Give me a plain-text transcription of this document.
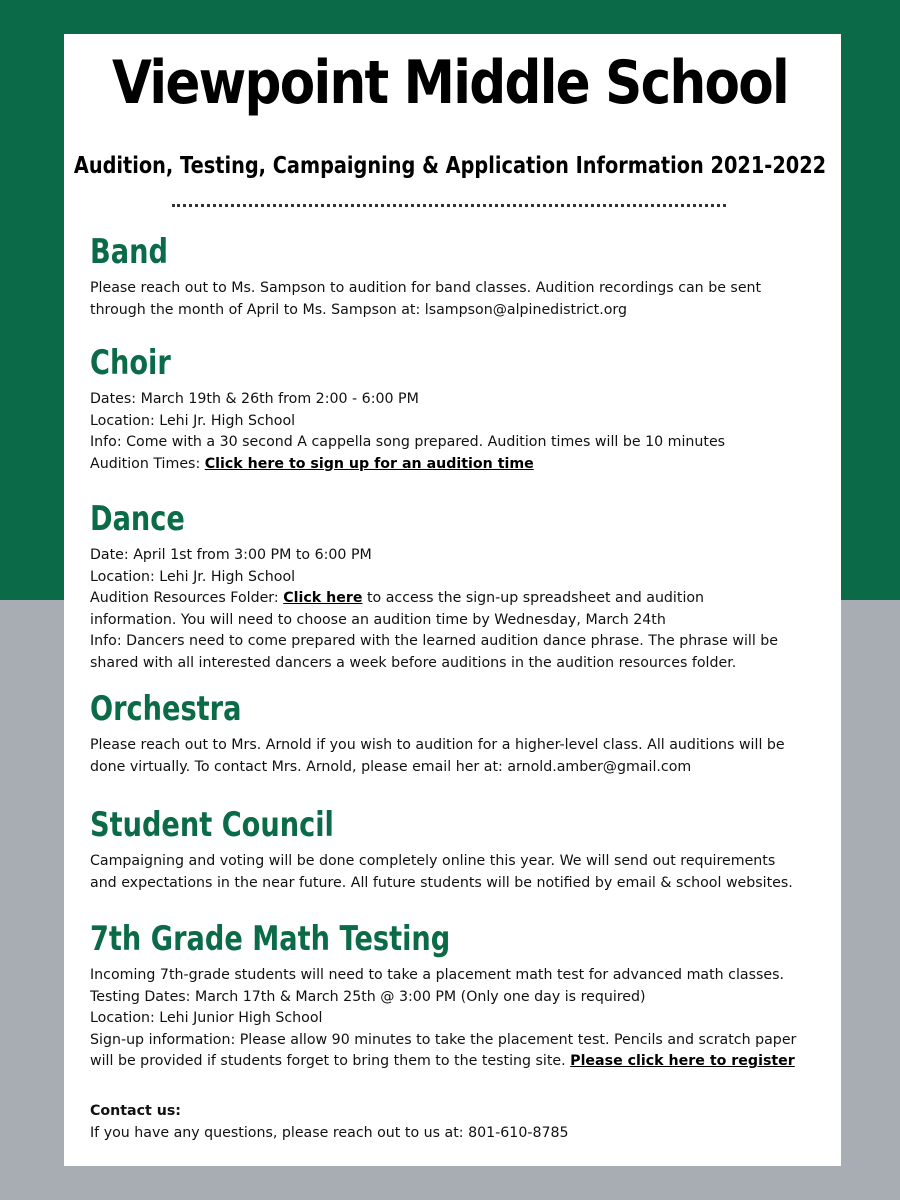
Viewpoint Middle School
Audition, Testing, Campaigning & Application Information 2021-2022
Band
Please reach out to Ms. Sampson to audition for band classes. Audition recordings can be sent
through the month of April to Ms. Sampson at: lsampson@alpinedistrict.org
Choir
Dates: March 19th & 26th from 2:00 - 6:00 PM
Location: Lehi Jr. High School
Info: Come with a 30 second A cappella song prepared. Audition times will be 10 minutes
Audition Times: Click here to sign up for an audition time
Dance
Date: April 1st from 3:00 PM to 6:00 PM
Location: Lehi Jr. High School
Audition Resources Folder: Click here to access the sign-up spreadsheet and audition
information. You will need to choose an audition time by Wednesday, March 24th
Info: Dancers need to come prepared with the learned audition dance phrase. The phrase will be
shared with all interested dancers a week before auditions in the audition resources folder.
Orchestra
Please reach out to Mrs. Arnold if you wish to audition for a higher-level class. All auditions will be
done virtually. To contact Mrs. Arnold, please email her at: arnold.amber@gmail.com
Student Council
Campaigning and voting will be done completely online this year. We will send out requirements
and expectations in the near future. All future students will be notified by email & school websites.
7th Grade Math Testing
Incoming 7th-grade students will need to take a placement math test for advanced math classes.
Testing Dates: March 17th & March 25th @ 3:00 PM (Only one day is required)
Location: Lehi Junior High School
Sign-up information: Please allow 90 minutes to take the placement test. Pencils and scratch paper
will be provided if students forget to bring them to the testing site. Please click here to register
Contact us:
If you have any questions, please reach out to us at: 801-610-8785
